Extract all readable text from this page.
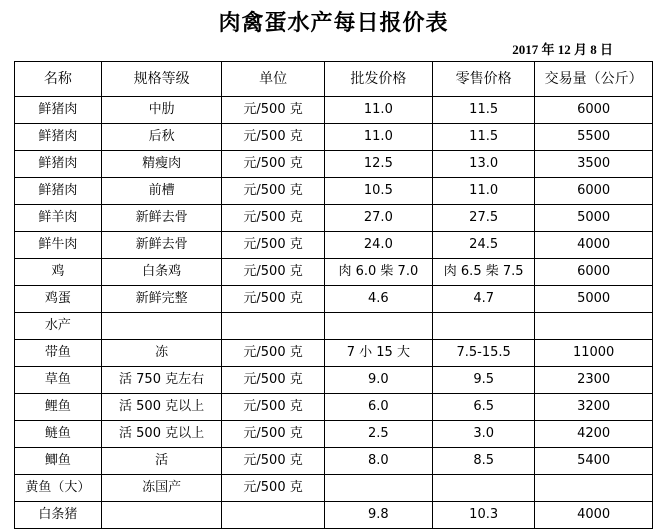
肉禽蛋水产每日报价表
2017 年 12 月 8 日
名称	规格等级	单位	批发价格	零售价格	交易量（公斤）
鲜猪肉	中肋	元/500 克	11.0	11.5	6000
鲜猪肉	后秋	元/500 克	11.0	11.5	5500
鲜猪肉	精瘦肉	元/500 克	12.5	13.0	3500
鲜猪肉	前槽	元/500 克	10.5	11.0	6000
鲜羊肉	新鲜去骨	元/500 克	27.0	27.5	5000
鲜牛肉	新鲜去骨	元/500 克	24.0	24.5	4000
鸡	白条鸡	元/500 克	肉 6.0 柴 7.0	肉 6.5 柴 7.5	6000
鸡蛋	新鲜完整	元/500 克	4.6	4.7	5000
水产					
带鱼	冻	元/500 克	7 小 15 大	7.5-15.5	11000
草鱼	活 750 克左右	元/500 克	9.0	9.5	2300
鲤鱼	活 500 克以上	元/500 克	6.0	6.5	3200
鲢鱼	活 500 克以上	元/500 克	2.5	3.0	4200
鲫鱼	活	元/500 克	8.0	8.5	5400
黄鱼（大）	冻国产	元/500 克			
白条猪			9.8	10.3	4000
